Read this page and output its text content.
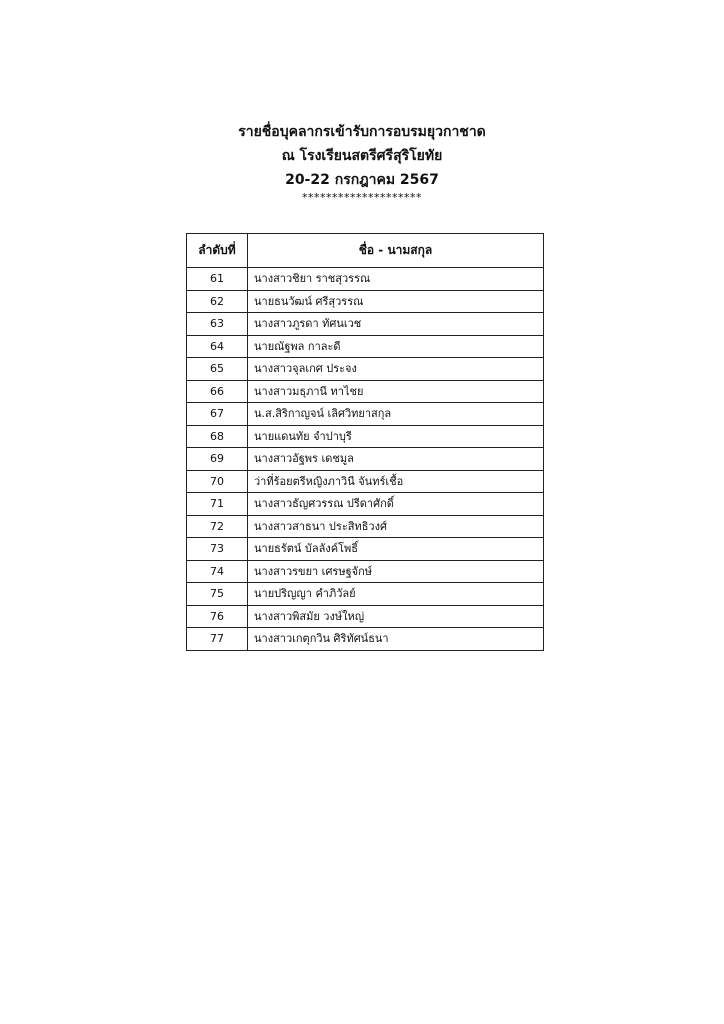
รายชื่อบุคลากรเข้ารับการอบรมยุวกาชาด
ณ โรงเรียนสตรีศรีสุริโยทัย
20-22 กรกฎาคม 2567
********************
ลำดับที่	ชื่อ - นามสกุล
61	นางสาวชิยา ราชสุวรรณ
62	นายธนวัฒน์ ศรีสุวรรณ
63	นางสาวภูรดา ทัศนเวช
64	นายณัฐพล กาละดี
65	นางสาวจุลเกศ ประจง
66	นางสาวมธุภานี ทาไชย
67	น.ส.สิริกาญจน์ เลิศวิทยาสกุล
68	นายแดนทัย จำปาบุรี
69	นางสาวอัฐพร เดชมูล
70	ว่าที่ร้อยตรีหญิงภาวินี จันทร์เชื้อ
71	นางสาวธัญศวรรณ ปรีดาศักดิ์
72	นางสาวสาธนา ประสิทธิวงศ์
73	นายธรัตน์ บัลลังค์โพธิ์
74	นางสาวรขยา เศรษฐจักษ์
75	นายปริญญา คำภิวัลย์
76	นางสาวพิสมัย วงษ์ใหญ่
77	นางสาวเกตุกวิน ศิริทัศน์ธนา
